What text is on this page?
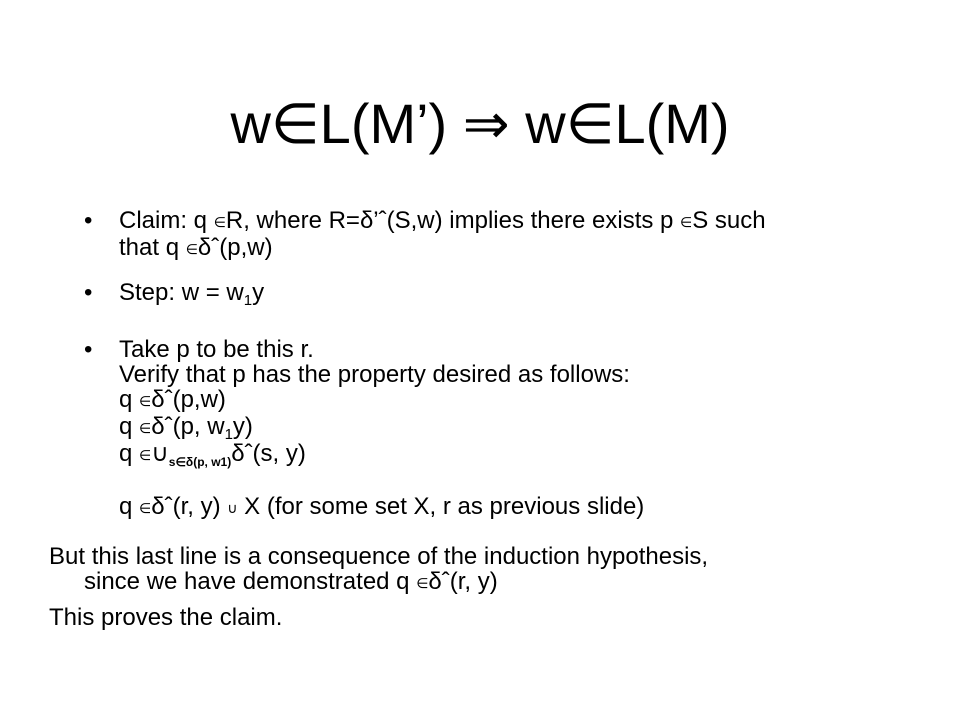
w∈L(M’) ⇒ w∈L(M)
• Claim: q ∈R, where R=δ’ˆ(S,w) implies there exists p ∈S such
that q ∈δˆ(p,w)
• Step: $w = w_1y$
• Take p to be this r.
Verify that p has the property desired as follows:
q ∈δˆ(p,w)
q ∈δˆ(p, $w_1y$)
q $\in\cup_{s\in\delta(p, w1)}\delta ˆ(s$, y)
q ∈δˆ(r, y) ∪ X (for some set X, r as previous slide)
But this last line is a consequence of the induction hypothesis,
since we have demonstrated q ∈δˆ(r, y)
This proves the claim.
